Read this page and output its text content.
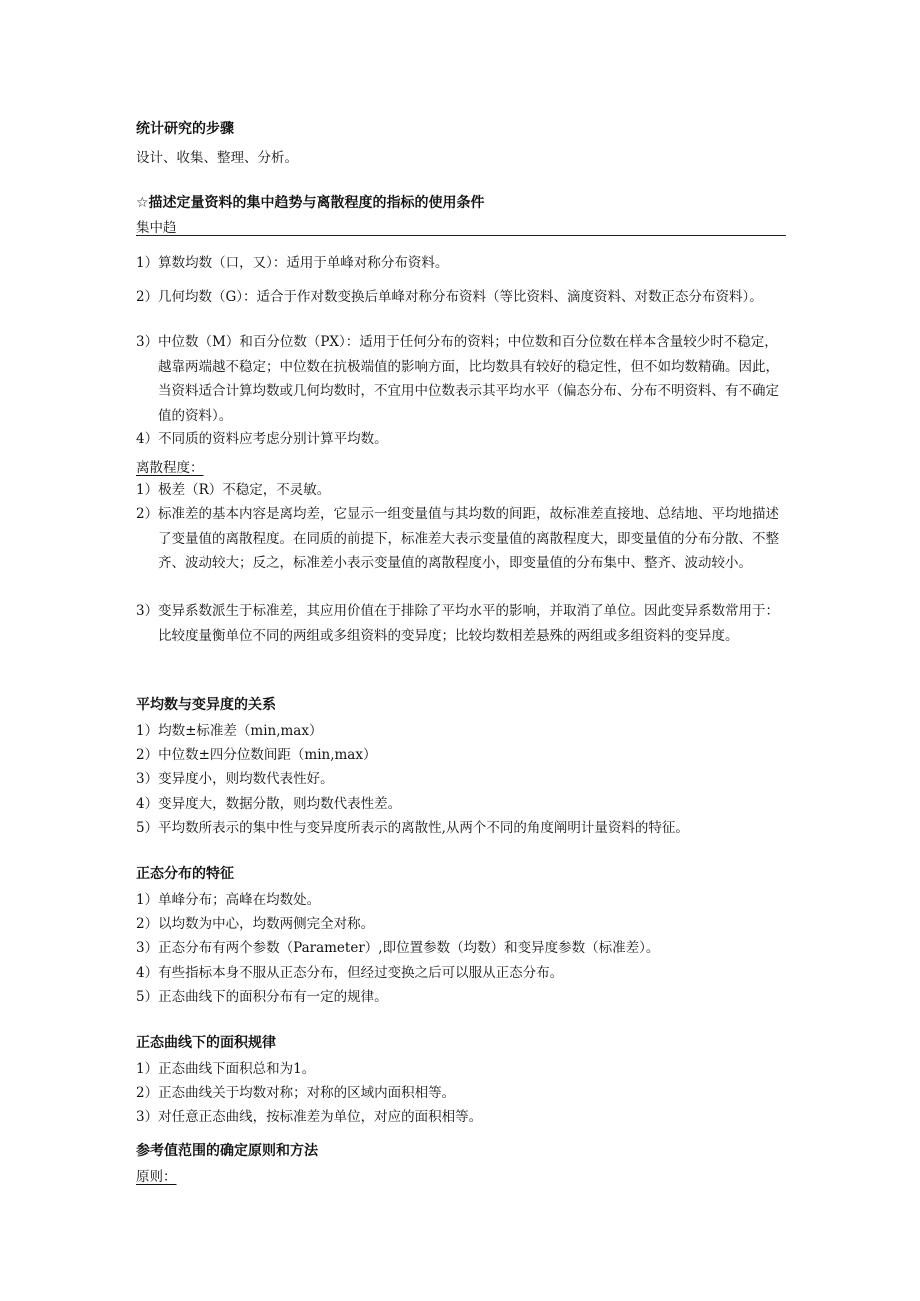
统计研究的步骤
设计、收集、整理、分析。
☆描述定量资料的集中趋势与离散程度的指标的使用条件
集中趋
1）算数均数（口，又）：适用于单峰对称分布资料。
2） 几何均数（G）：适合于作对数变换后单峰对称分布资料（等比资料、滴度资料、对数正态分布资料）。
3） 中位数（M）和百分位数（PX）：适用于任何分布的资料；中位数和百分位数在样本含量较少时不稳定，越靠两端越不稳定；中位数在抗极端值的影响方面，比均数具有较好的稳定性，但不如均数精确。因此，当资料适合计算均数或几何均数时，不宜用中位数表示其平均水平（偏态分布、分布不明资料、有不确定值的资料）。
4）不同质的资料应考虑分别计算平均数。
离散程度：
1）极差（R）不稳定，不灵敏。
2） 标准差的基本内容是离均差，它显示一组变量值与其均数的间距，故标准差直接地、总结地、平均地描述了变量值的离散程度。在同质的前提下，标准差大表示变量值的离散程度大，即变量值的分布分散、不整齐、波动较大；反之，标准差小表示变量值的离散程度小，即变量值的分布集中、整齐、波动较小。
3） 变异系数派生于标准差，其应用价值在于排除了平均水平的影响，并取消了单位。因此变异系数常用于：比较度量衡单位不同的两组或多组资料的变异度；比较均数相差悬殊的两组或多组资料的变异度。
平均数与变异度的关系
1）均数±标准差（min,max）
2）中位数±四分位数间距（min,max）
3）变异度小，则均数代表性好。
4）变异度大，数据分散，则均数代表性差。
5）平均数所表示的集中性与变异度所表示的离散性,从两个不同的角度阐明计量资料的特征。
正态分布的特征
1）单峰分布；高峰在均数处。
2）以均数为中心，均数两侧完全对称。
3）正态分布有两个参数（Parameter）,即位置参数（均数）和变异度参数（标准差）。
4）有些指标本身不服从正态分布，但经过变换之后可以服从正态分布。
5）正态曲线下的面积分布有一定的规律。
正态曲线下的面积规律
1）正态曲线下面积总和为1。
2）正态曲线关于均数对称；对称的区域内面积相等。
3）对任意正态曲线，按标准差为单位，对应的面积相等。
参考值范围的确定原则和方法
原则：
